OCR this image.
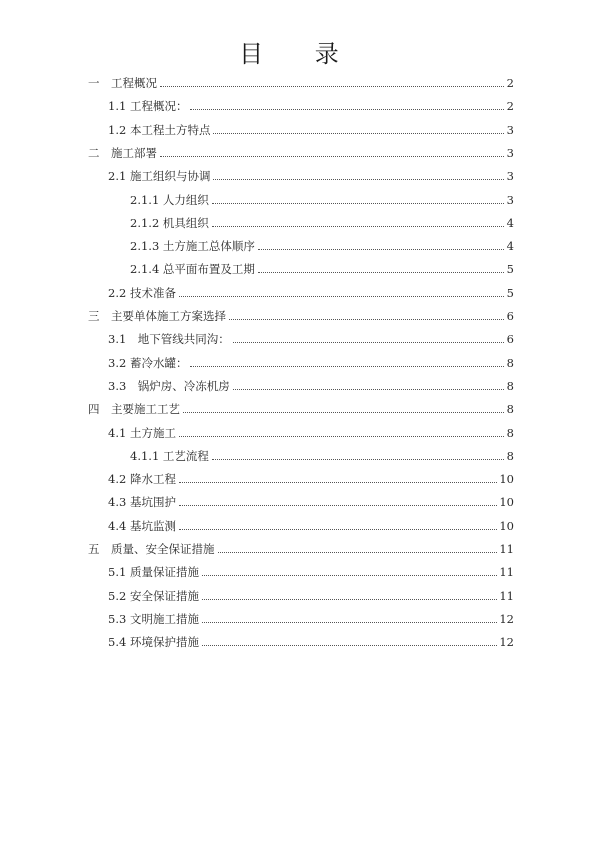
目 录
一　工程概况	2
1.1 工程概况：	2
1.2 本工程土方特点	3
二　施工部署	3
2.1 施工组织与协调	3
2.1.1 人力组织	3
2.1.2 机具组织	4
2.1.3 土方施工总体顺序	4
2.1.4 总平面布置及工期	5
2.2 技术准备	5
三　主要单体施工方案选择	6
3.1　地下管线共同沟：	6
3.2 蓄冷水罐：	8
3.3　锅炉房、冷冻机房	8
四　主要施工工艺	8
4.1 土方施工	8
4.1.1 工艺流程	8
4.2 降水工程	10
4.3 基坑围护	10
4.4 基坑监测	10
五　质量、安全保证措施	11
5.1 质量保证措施	11
5.2 安全保证措施	11
5.3 文明施工措施	12
5.4 环境保护措施	12
